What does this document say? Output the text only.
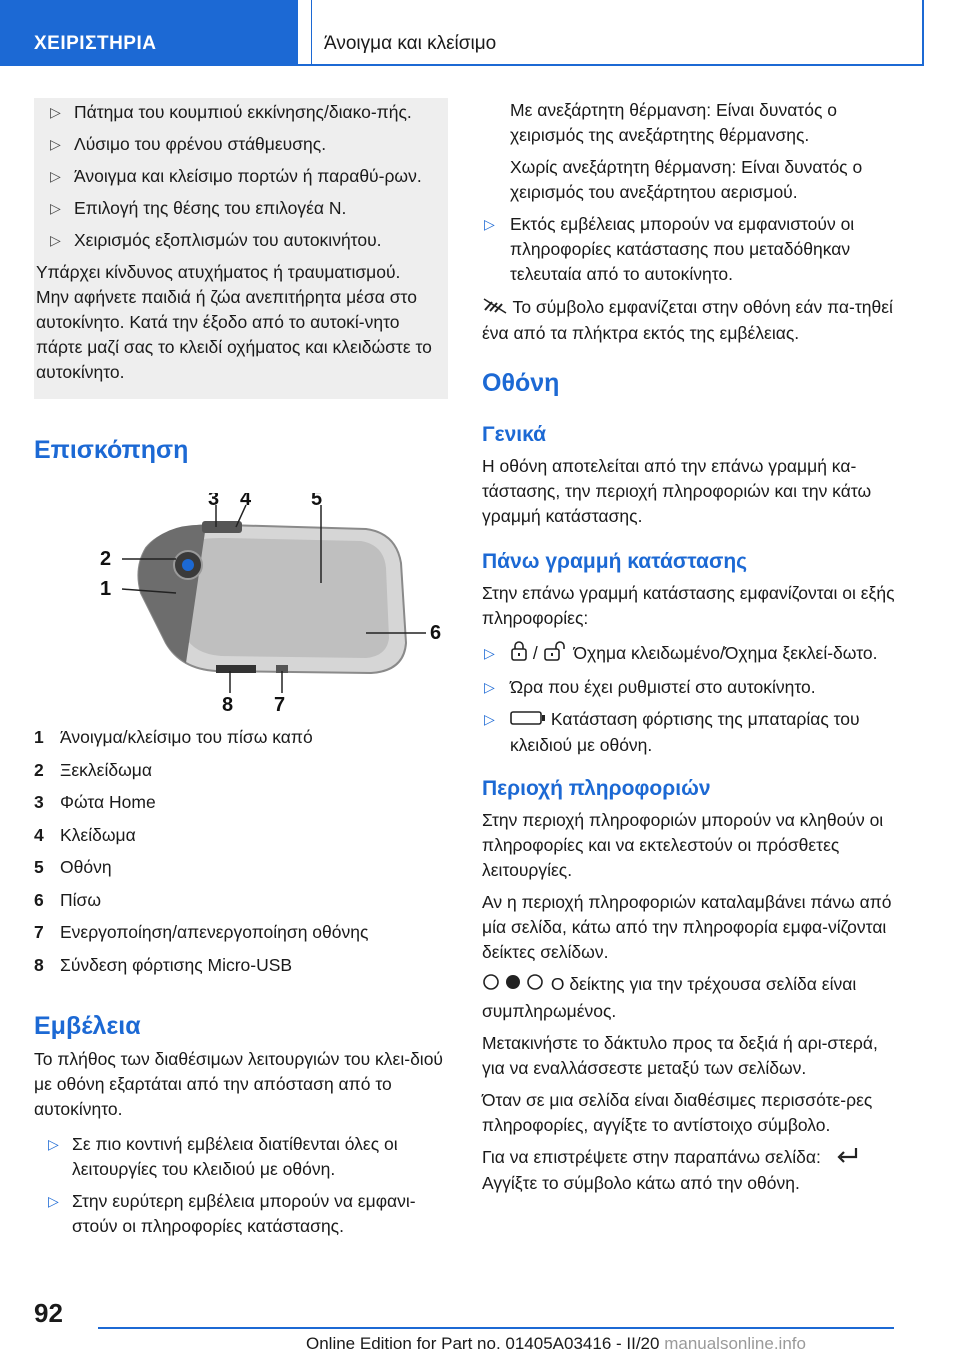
ΧΕΙΡΙΣΤΗΡΙΑ	Άνοιγμα και κλείσιμο
▷ Πάτημα του κουμπιού εκκίνησης/διακο-πής.
▷ Λύσιμο του φρένου στάθμευσης.
▷ Άνοιγμα και κλείσιμο πορτών ή παραθύ-ρων.
▷ Επιλογή της θέσης του επιλογέα N.
▷ Χειρισμός εξοπλισμών του αυτοκινήτου.
Υπάρχει κίνδυνος ατυχήματος ή τραυματισμού. Μην αφήνετε παιδιά ή ζώα ανεπιτήρητα μέσα στο αυτοκίνητο. Κατά την έξοδο από το αυτοκί-νητο πάρτε μαζί σας το κλειδί οχήματος και κλειδώστε το αυτοκίνητο.
Επισκόπηση
3 4	5
2
1
6
8 7
1 Άνοιγμα/κλείσιμο του πίσω καπό
2 Ξεκλείδωμα
3 Φώτα Home
4 Κλείδωμα
5 Οθόνη
6 Πίσω
7 Ενεργοποίηση/απενεργοποίηση οθόνης
8 Σύνδεση φόρτισης Micro-USB
Εμβέλεια
Το πλήθος των διαθέσιμων λειτουργιών του κλει-διού με οθόνη εξαρτάται από την απόσταση από το αυτοκίνητο.
▷ Σε πιο κοντινή εμβέλεια διατίθενται όλες οι λειτουργίες του κλειδιού με οθόνη.
▷ Στην ευρύτερη εμβέλεια μπορούν να εμφανι-στούν οι πληροφορίες κατάστασης.
Με ανεξάρτητη θέρμανση: Είναι δυνατός ο χειρισμός της ανεξάρτητης θέρμανσης.
Χωρίς ανεξάρτητη θέρμανση: Είναι δυνατός ο χειρισμός του ανεξάρτητου αερισμού.
▷ Εκτός εμβέλειας μπορούν να εμφανιστούν οι πληροφορίες κατάστασης που μεταδόθηκαν τελευταία από το αυτοκίνητο.
Το σύμβολο εμφανίζεται στην οθόνη εάν πα-τηθεί ένα από τα πλήκτρα εκτός της εμβέλειας.
Οθόνη
Γενικά
Η οθόνη αποτελείται από την επάνω γραμμή κα-τάστασης, την περιοχή πληροφοριών και την κάτω γραμμή κατάστασης.
Πάνω γραμμή κατάστασης
Στην επάνω γραμμή κατάστασης εμφανίζονται οι εξής πληροφορίες:
▷ / Όχημα κλειδωμένο/Όχημα ξεκλεί-δωτο.
▷ Ώρα που έχει ρυθμιστεί στο αυτοκίνητο.
▷	Κατάσταση φόρτισης της μπαταρίας του κλειδιού με οθόνη.
Περιοχή πληροφοριών
Στην περιοχή πληροφοριών μπορούν να κληθούν οι πληροφορίες και να εκτελεστούν οι πρόσθετες λειτουργίες.
Αν η περιοχή πληροφοριών καταλαμβάνει πάνω από μία σελίδα, κάτω από την πληροφορία εμφα-νίζονται δείκτες σελίδων.
Ο δείκτης για την τρέχουσα σελίδα είναι συμπληρωμένος.
Μετακινήστε το δάκτυλο προς τα δεξιά ή αρι-στερά, για να εναλλάσσεστε μεταξύ των σελίδων.
Όταν σε μια σελίδα είναι διαθέσιμες περισσότε-ρες πληροφορίες, αγγίξτε το αντίστοιχο σύμβολο.
Για να επιστρέψετε στην παραπάνω σελίδα:
Αγγίξτε το σύμβολο κάτω από την οθόνη.
92
Online Edition for Part no. 01405A03416 - II/20 manualsonline.info
